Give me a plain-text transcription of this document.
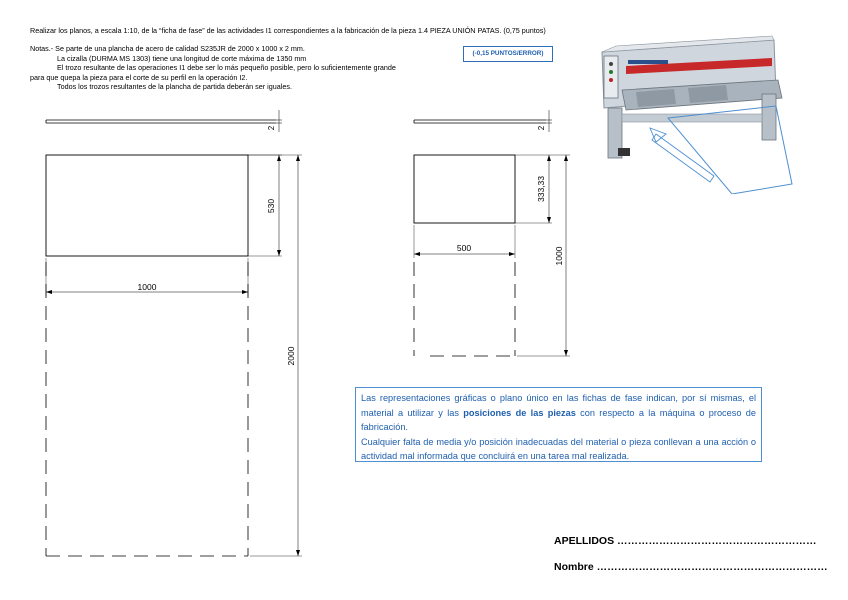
Realizar los planos, a escala 1:10, de la “ficha de fase” de las actividades I1 correspondientes a la fabricación de la pieza 1.4 PIEZA UNIÓN PATAS. (0,75 puntos)
Notas.- Se parte de una plancha de acero de calidad S235JR de 2000 x 1000 x 2 mm.
La cizalla (DURMA MS 1303) tiene una longitud de corte máxima de 1350 mm
El trozo resultante de las operaciones I1 debe ser lo más pequeño posible, pero lo suficientemente grande
para que quepa la pieza para el corte de su perfil en la operación I2.
Todos los trozos resultantes de la plancha de partida deberán ser iguales.
(-0,15 PUNTOS/ERROR)
2
530
1000
2000
2
333,33
500	1000
Las representaciones gráficas o plano único en las fichas de fase indican, por sí mismas, el material a utilizar y las posiciones de las piezas con respecto a la máquina o proceso de fabricación.
Cualquier falta de media y/o posición inadecuadas del material o pieza conllevan a una acción o actividad mal informada que concluirá en una tarea mal realizada.
APELLIDOS …………………………………………………
Nombre …………………………………………………………
